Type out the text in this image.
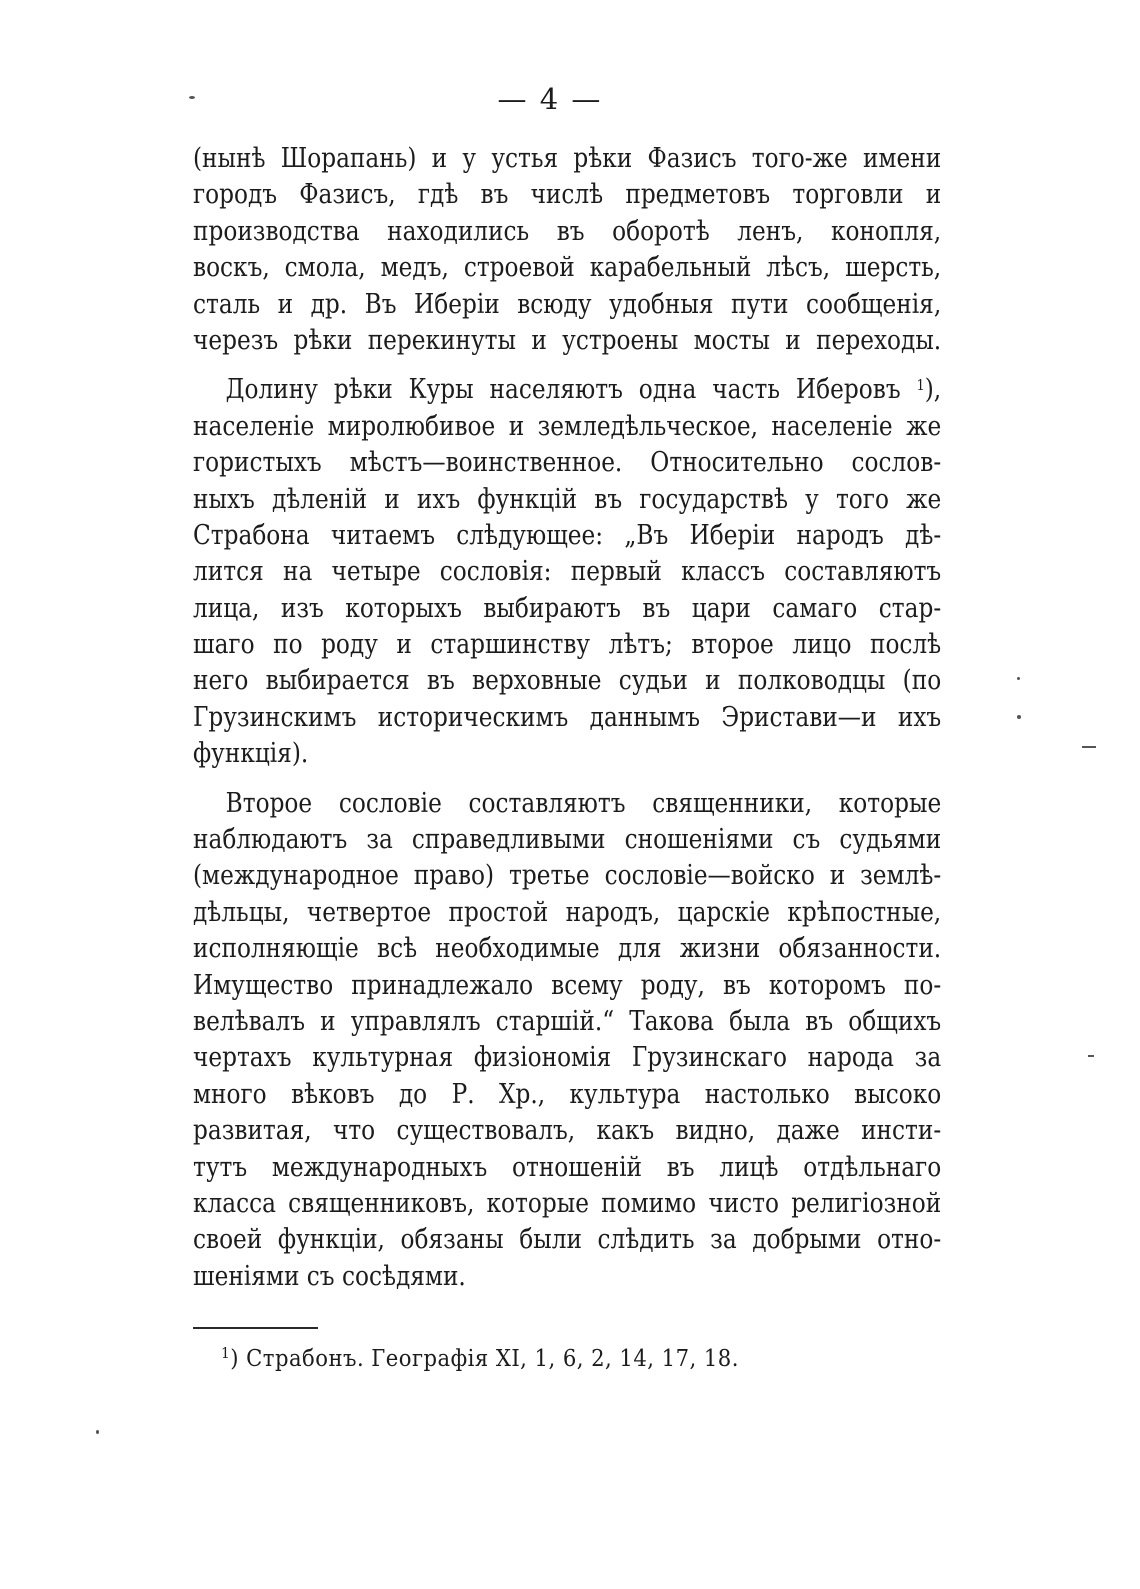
— 4 —
(нынѣ Шорапань) и у устья рѣки Фазисъ того-же имени
городъ Фазисъ, гдѣ въ числѣ предметовъ торговли и
производства находились въ оборотѣ ленъ, конопля,
воскъ, смола, медъ, строевой карабельный лѣсъ, шерсть,
сталь и др. Въ Иберіи всюду удобныя пути сообщенія,
черезъ рѣки перекинуты и устроены мосты и переходы.
Долину рѣки Куры населяютъ одна часть Иберовъ $^1$),
населеніе миролюбивое и земледѣльческое, населеніе же
гористыхъ мѣстъ—воинственное. Относительно сослов-
ныхъ дѣленій и ихъ функцій въ государствѣ у того же
Страбона читаемъ слѣдующее: „Въ Иберіи народъ дѣ-
лится на четыре сословія: первый классъ составляютъ
лица, изъ которыхъ выбираютъ въ цари самаго стар-
шаго по роду и старшинству лѣтъ; второе лицо послѣ
него выбирается въ верховные судьи и полководцы (по
Грузинскимъ историческимъ даннымъ Эристави—и ихъ
функція).
Второе сословіе составляютъ священники, которые
наблюдаютъ за справедливыми сношеніями съ судьями
(международное право) третье сословіе—войско и землѣ-
дѣльцы, четвертое простой народъ, царскіе крѣпостные,
исполняющіе всѣ необходимые для жизни обязанности.
Имущество принадлежало всему роду, въ которомъ по-
велѣвалъ и управлялъ старшій.“ Такова была въ общихъ
чертахъ культурная физіономія Грузинскаго народа за
много вѣковъ до Р. Хр., культура настолько высоко
развитая, что существовалъ, какъ видно, даже инсти-
тутъ международныхъ отношеній въ лицѣ отдѣльнаго
класса священниковъ, которые помимо чисто религіозной
своей функціи, обязаны были слѣдить за добрыми отно-
шеніями съ сосѣдями.
$^1$) Страбонъ. Географія XI, 1, 6, 2, 14, 17, 18.
